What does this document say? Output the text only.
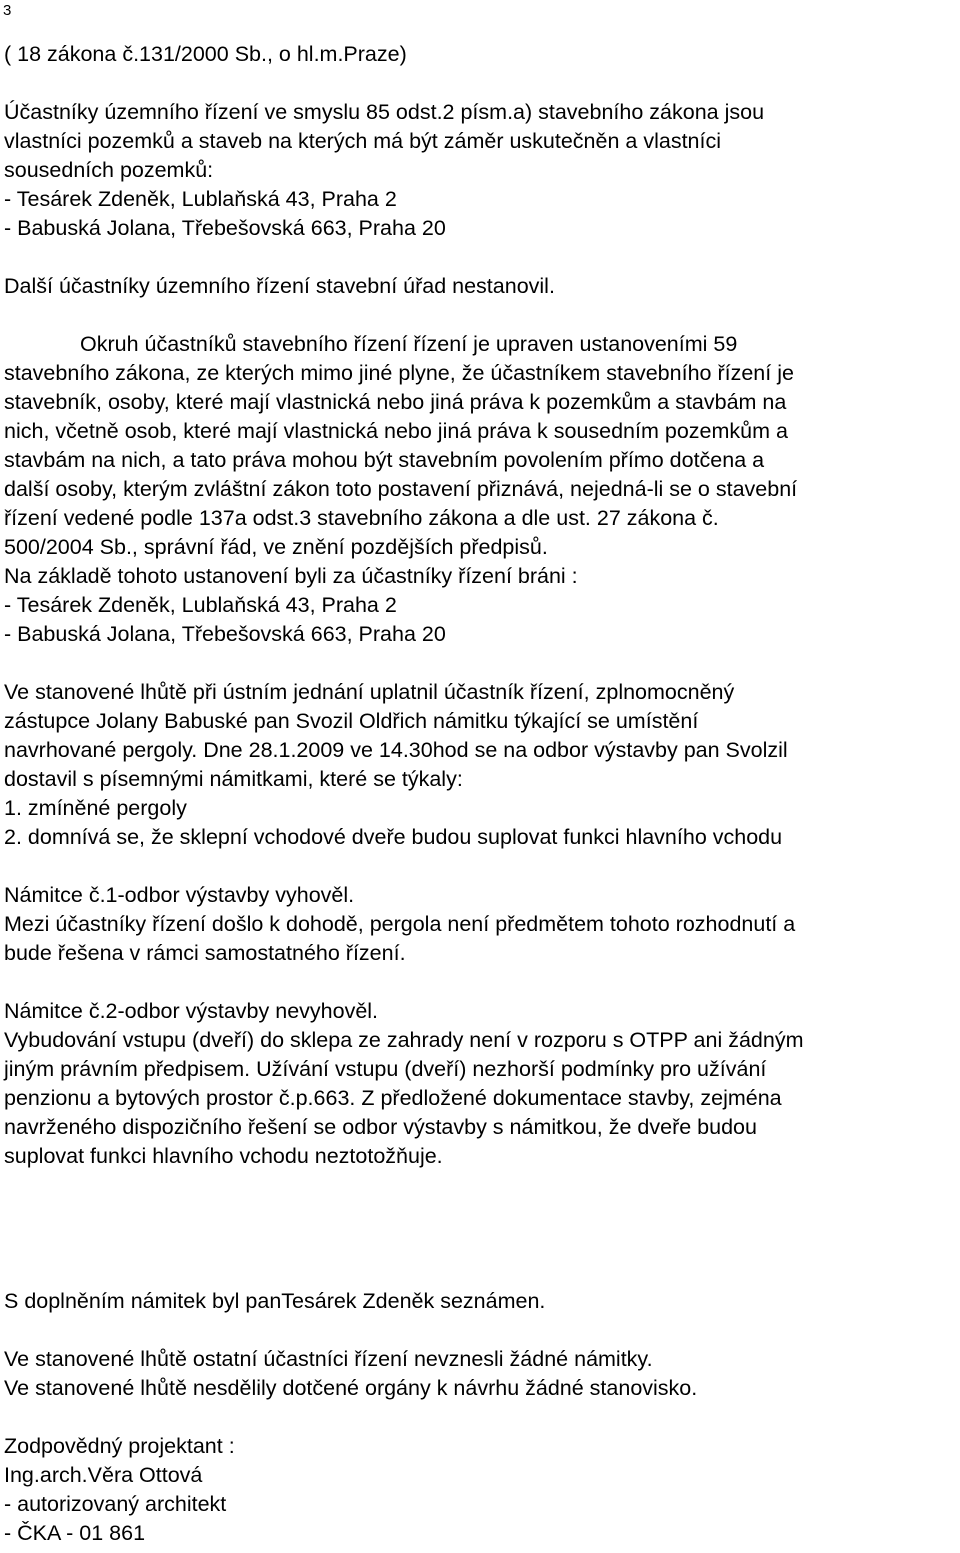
3

( 18 zákona č.131/2000 Sb., o hl.m.Praze)

Účastníky územního řízení ve smyslu 85 odst.2 písm.a) stavebního zákona jsou

vlastníci pozemků a staveb na kterých má být záměr uskutečněn a vlastníci

sousedních pozemků:

- Tesárek Zdeněk, Lublaňská 43, Praha 2

- Babuská Jolana, Třebešovská 663, Praha 20

Další účastníky územního řízení stavební úřad nestanovil.

Okruh účastníků stavebního řízení řízení je upraven ustanoveními 59

stavebního zákona, ze kterých mimo jiné plyne, že účastníkem stavebního řízení je

stavebník, osoby, které mají vlastnická nebo jiná práva k pozemkům a stavbám na

nich, včetně osob, které mají vlastnická nebo jiná práva k sousedním pozemkům a

stavbám na nich, a tato práva mohou být stavebním povolením přímo dotčena a

další osoby, kterým zvláštní zákon toto postavení přiznává, nejedná-li se o stavební

řízení vedené podle 137a odst.3 stavebního zákona a dle ust. 27 zákona č.

500/2004 Sb., správní řád, ve znění pozdějších předpisů.

Na základě tohoto ustanovení byli za účastníky řízení bráni :

- Tesárek Zdeněk, Lublaňská 43, Praha 2

- Babuská Jolana, Třebešovská 663, Praha 20

Ve stanovené lhůtě při ústním jednání uplatnil účastník řízení, zplnomocněný

zástupce Jolany Babuské pan Svozil Oldřich námitku týkající se umístění

navrhované pergoly. Dne 28.1.2009 ve 14.30hod se na odbor výstavby pan Svolzil

dostavil s písemnými námitkami, které se týkaly:

1. zmíněné pergoly

2. domnívá se, že sklepní vchodové dveře budou suplovat funkci hlavního vchodu

Námitce č.1-odbor výstavby vyhověl.

Mezi účastníky řízení došlo k dohodě, pergola není předmětem tohoto rozhodnutí a

bude řešena v rámci samostatného řízení.

Námitce č.2-odbor výstavby nevyhověl.

Vybudování vstupu (dveří) do sklepa ze zahrady není v rozporu s OTPP ani žádným

jiným právním předpisem. Užívání vstupu (dveří) nezhorší podmínky pro užívání

penzionu a bytových prostor č.p.663. Z předložené dokumentace stavby, zejména

navrženého dispozičního řešení se odbor výstavby s námitkou, že dveře budou

suplovat funkci hlavního vchodu neztotožňuje.

S doplněním námitek byl panTesárek Zdeněk seznámen.

Ve stanovené lhůtě ostatní účastníci řízení nevznesli žádné námitky.

Ve stanovené lhůtě nesdělily dotčené orgány k návrhu žádné stanovisko.

Zodpovědný projektant :

Ing.arch.Věra Ottová

- autorizovaný architekt

- ČKA - 01 861
